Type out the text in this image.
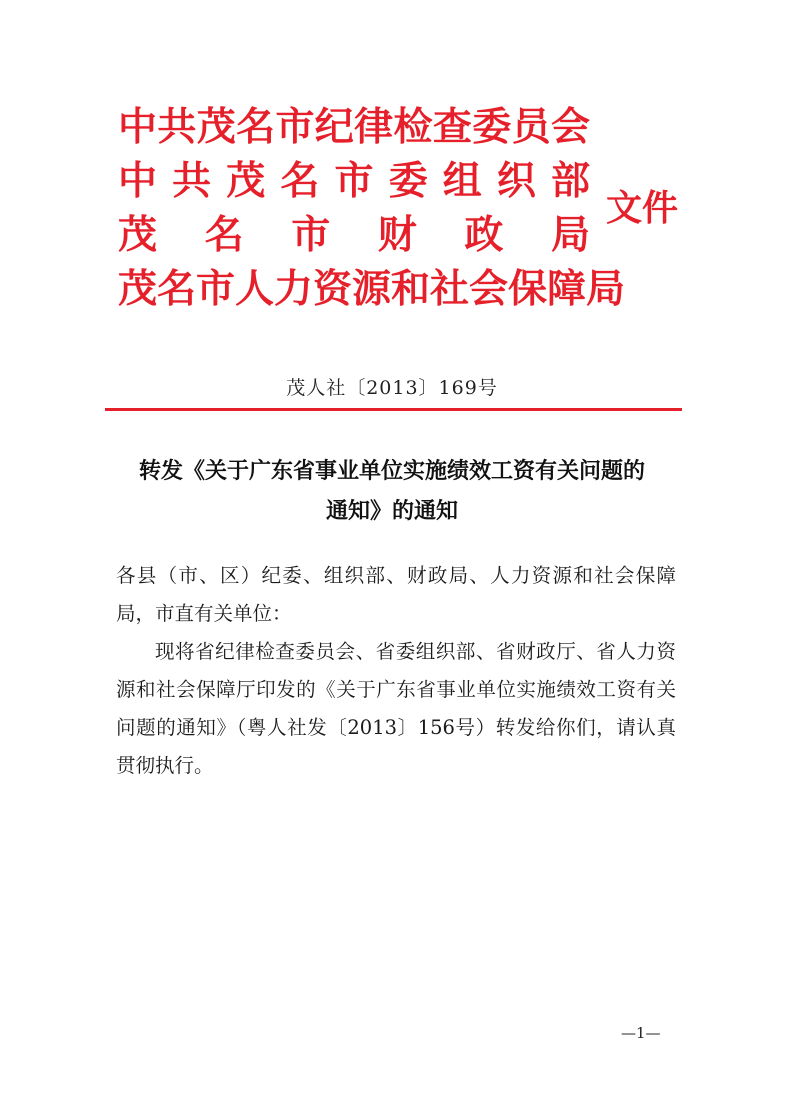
中共茂名市纪律检查委员会
中共茂名市委组织部
茂名市财政局
茂名市人力资源和社会保障局
文件
茂人社〔2013〕169号
转发《关于广东省事业单位实施绩效工资有关问题的
通知》的通知

各县（市、区）纪委、组织部、财政局、人力资源和社会保障局，市直有关单位：

现将省纪律检查委员会、省委组织部、省财政厅、省人力资源和社会保障厅印发的《关于广东省事业单位实施绩效工资有关问题的通知》（粤人社发〔2013〕156号）转发给你们，请认真贯彻执行。

—1—
